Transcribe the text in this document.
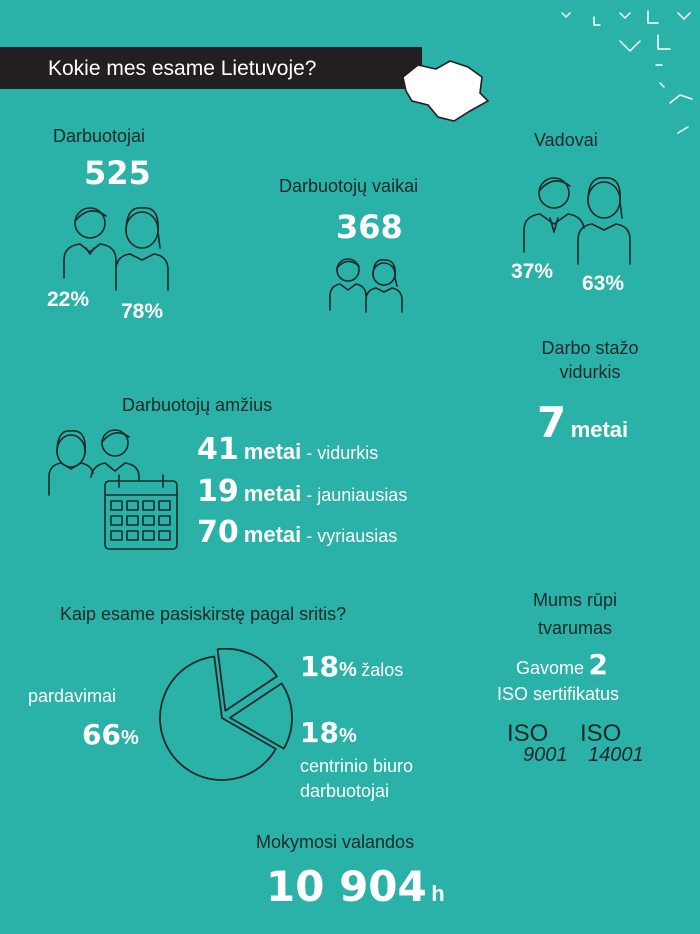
Kokie mes esame Lietuvoje?
Darbuotojai
525
22%
78%
Darbuotojų vaikai
368
Vadovai
37%
63%
Darbo stažo
vidurkis
7 metai
Darbuotojų amžius
41 metai - vidurkis
19 metai - jauniausias
70 metai - vyriausias
Kaip esame pasiskirstę pagal sritis?
pardavimai
66%
18% žalos
18%
centrinio biuro
darbuotojai
Mums rūpi
tvarumas
Gavome 2
ISO sertifikatus
ISO
9001
ISO
14001
Mokymosi valandos
10 904 h
